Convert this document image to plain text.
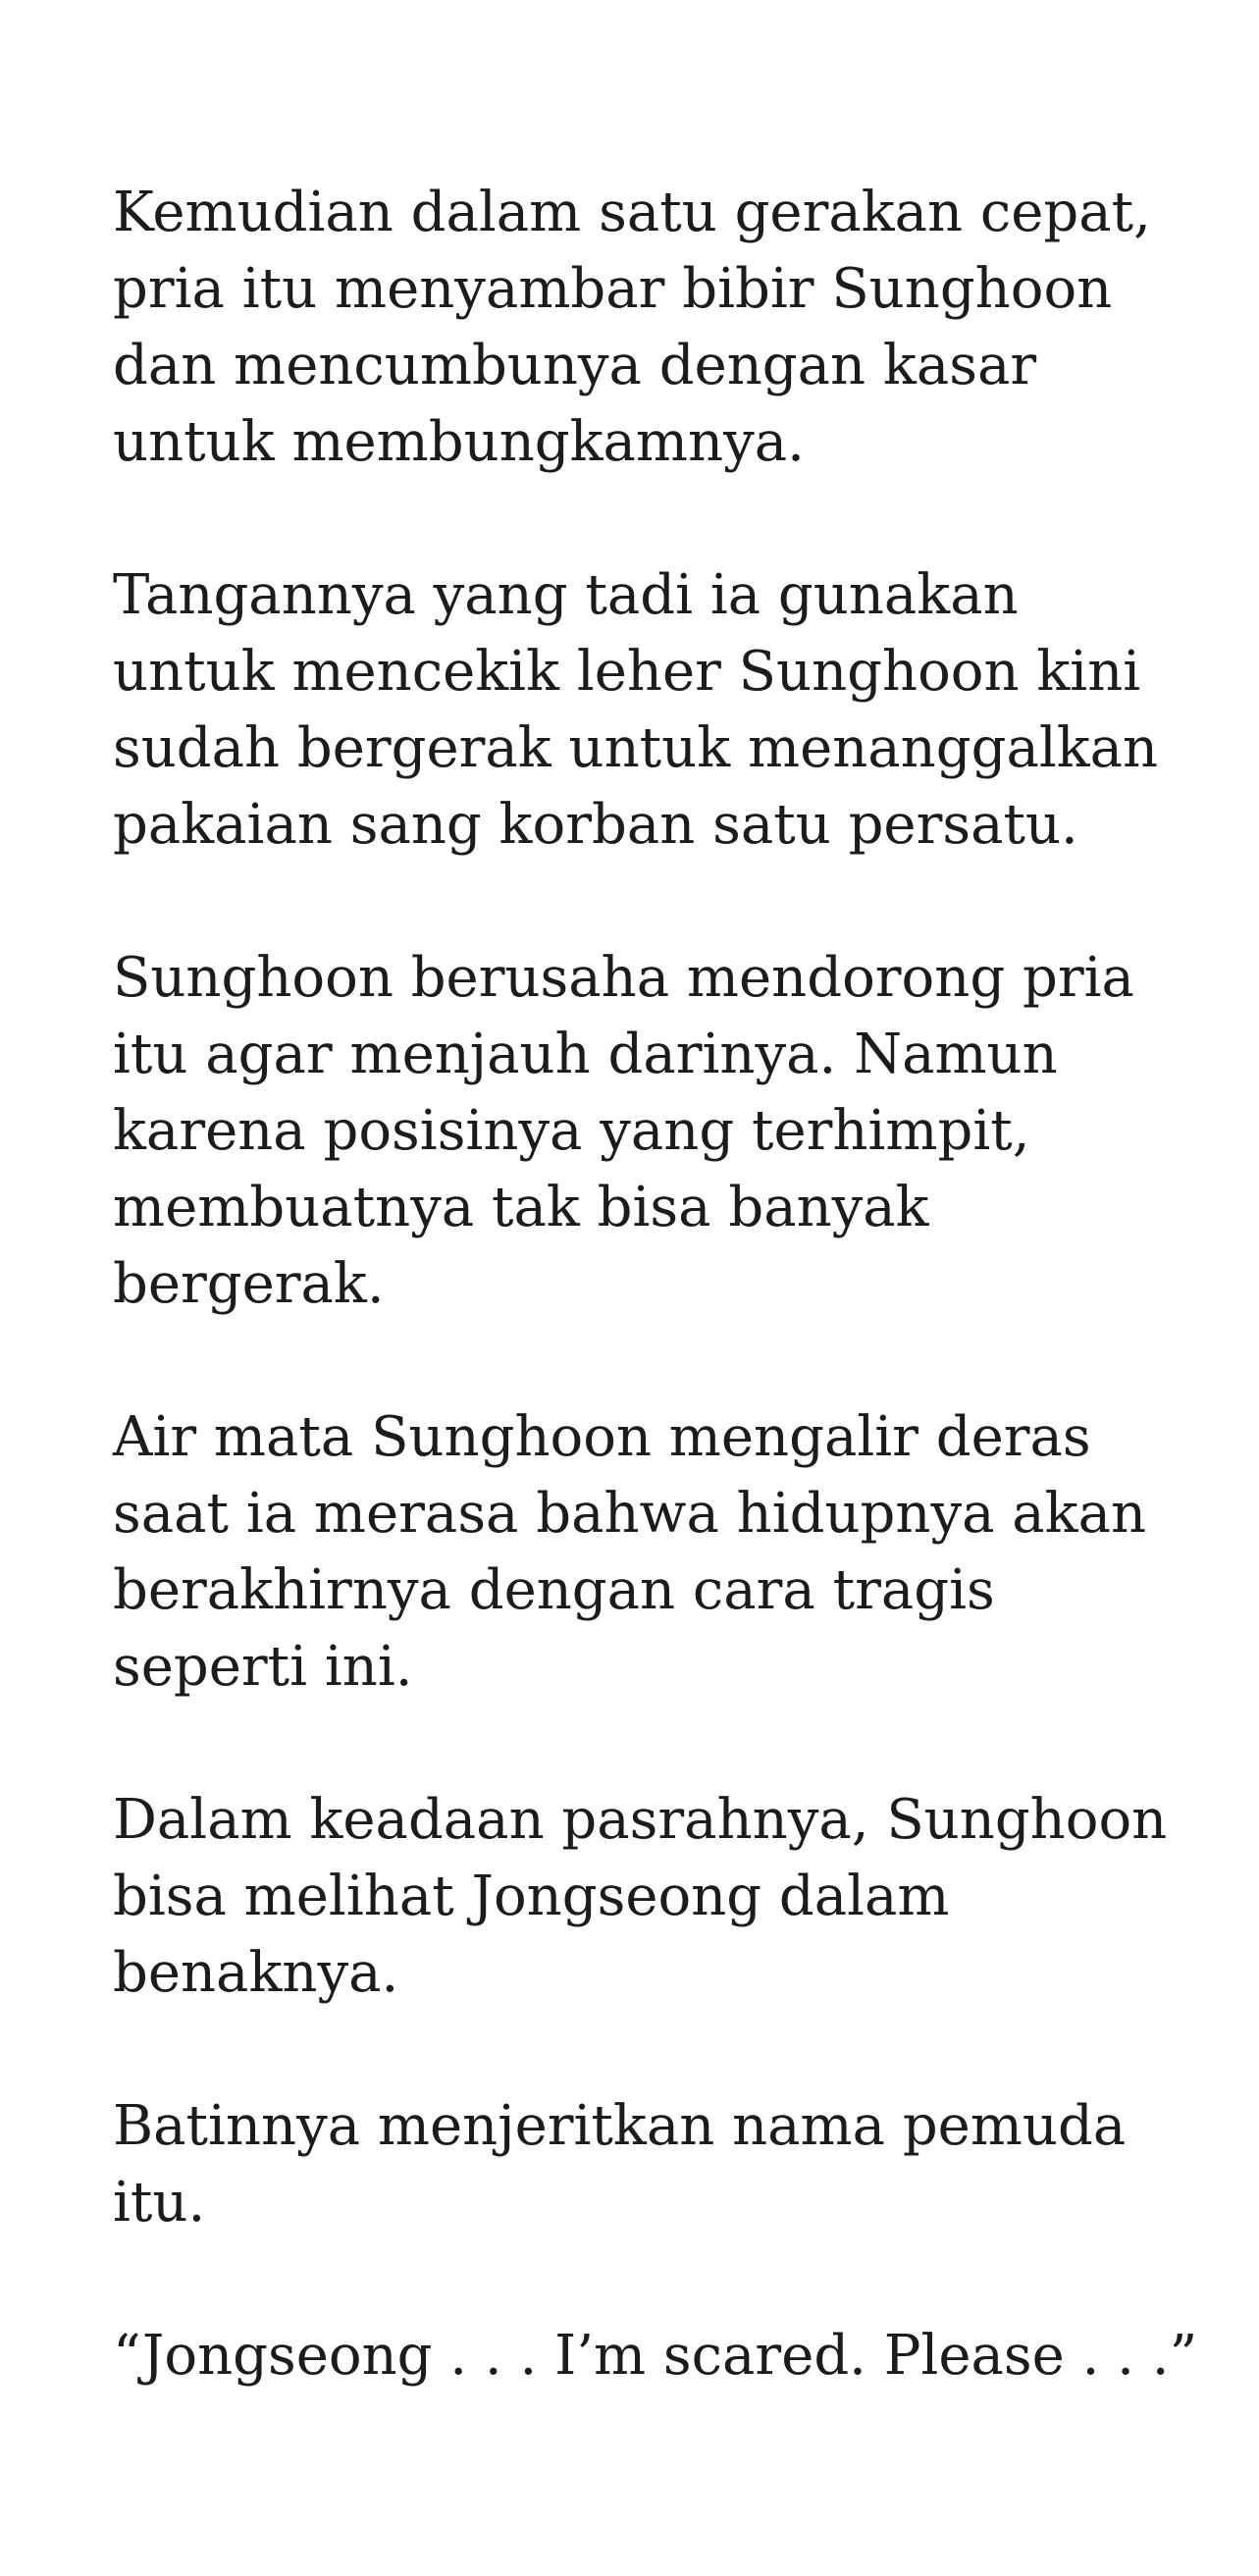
Kemudian dalam satu gerakan cepat,
pria itu menyambar bibir Sunghoon
dan mencumbunya dengan kasar
untuk membungkamnya.

Tangannya yang tadi ia gunakan
untuk mencekik leher Sunghoon kini
sudah bergerak untuk menanggalkan
pakaian sang korban satu persatu.

Sunghoon berusaha mendorong pria
itu agar menjauh darinya. Namun
karena posisinya yang terhimpit,
membuatnya tak bisa banyak
bergerak.

Air mata Sunghoon mengalir deras
saat ia merasa bahwa hidupnya akan
berakhirnya dengan cara tragis
seperti ini.

Dalam keadaan pasrahnya, Sunghoon
bisa melihat Jongseong dalam
benaknya.

Batinnya menjeritkan nama pemuda
itu.

“Jongseong . . . I’m scared. Please . . .”
